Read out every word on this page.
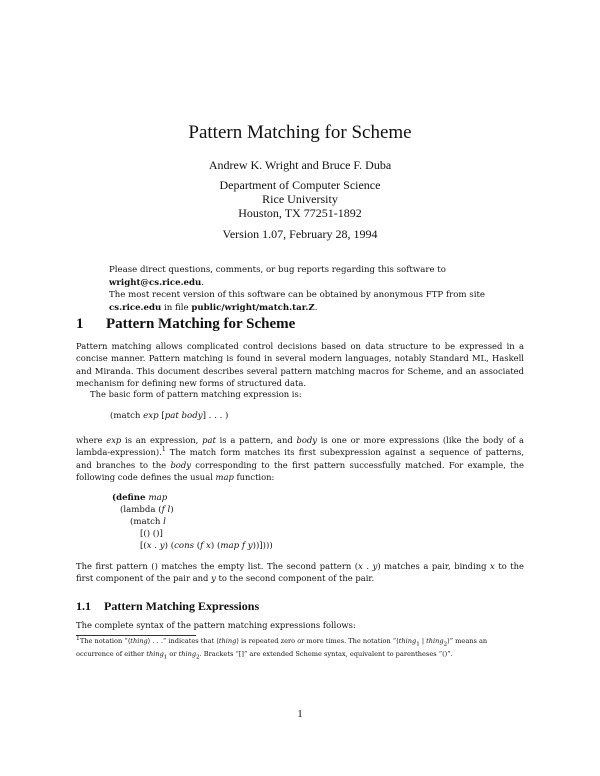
Pattern Matching for Scheme
Andrew K. Wright and Bruce F. Duba
Department of Computer Science
Rice University
Houston, TX 77251-1892
Version 1.07, February 28, 1994
Please direct questions, comments, or bug reports regarding this software to wright@cs.rice.edu.
The most recent version of this software can be obtained by anonymous FTP from site
cs.rice.edu in file public/wright/match.tar.Z.
1 Pattern Matching for Scheme
Pattern matching allows complicated control decisions based on data structure to be expressed in a concise manner. Pattern matching is found in several modern languages, notably Standard ML, Haskell and Miranda. This document describes several pattern matching macros for Scheme, and an associated mechanism for defining new forms of structured data.
The basic form of pattern matching expression is:
(match exp [pat body] . . . )
where exp is an expression, pat is a pattern, and body is one or more expressions (like the body of a lambda-expression).$^1$ The match form matches its first subexpression against a sequence of patterns, and branches to the body corresponding to the first pattern successfully matched. For example, the following code defines the usual map function:
(define map
(lambda (f l)
(match l
[() ()]
[(x . y) (cons (f x) (map f y))])))
The first pattern () matches the empty list. The second pattern (x . y) matches a pair, binding x to the first component of the pair and y to the second component of the pair.
1.1 Pattern Matching Expressions
The complete syntax of the pattern matching expressions follows:
$^1$The notation “⟨thing⟩ . . .” indicates that ⟨thing⟩ is repeated zero or more times. The notation “⟨thing$_1$ | thing$_2$⟩” means an occurrence of either thing$_1$ or thing$_2$. Brackets “[]” are extended Scheme syntax, equivalent to parentheses “()”.
1
